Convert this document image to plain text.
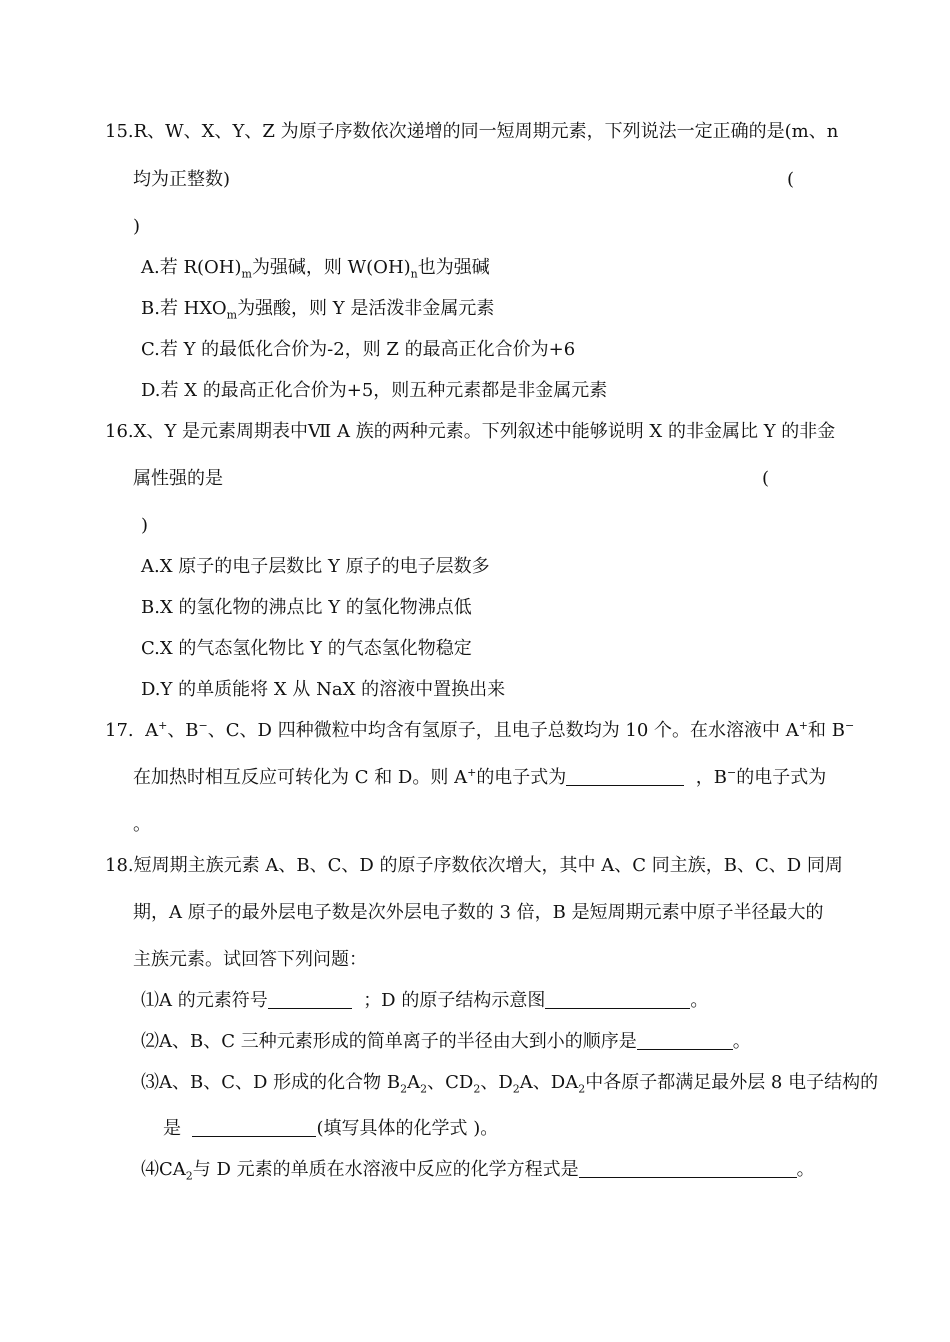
15.R、W、X、Y、Z 为原子序数依次递增的同一短周期元素，下列说法一定正确的是(m、n
均为正整数)	(
)
A.若 $R(OH)_m$为强碱，则 $W(OH)_n$也为强碱
B.若 $HXO_m$为强酸，则 Y 是活泼非金属元素
C.若 Y 的最低化合价为-2，则 Z 的最高正化合价为+6
D.若 X 的最高正化合价为+5，则五种元素都是非金属元素
16.X、Y 是元素周期表中Ⅶ A 族的两种元素。下列叙述中能够说明 X 的非金属比 Y 的非金
属性强的是	(
)
A.X 原子的电子层数比 Y 原子的电子层数多
B.X 的氢化物的沸点比 Y 的氢化物沸点低
C.X 的气态氢化物比 Y 的气态氢化物稳定
D.Y 的单质能将 X 从 NaX 的溶液中置换出来
17. A+、B−、C、D 四种微粒中均含有氢原子，且电子总数均为 10 个。在水溶液中 A+和 B−
在加热时相互反应可转化为 C 和 D。则 A+的电子式为	，B−的电子式为
。
18.短周期主族元素 A、B、C、D 的原子序数依次增大，其中 A、C 同主族，B、C、D 同周
期，A 原子的最外层电子数是次外层电子数的 3 倍，B 是短周期元素中原子半径最大的
主族元素。试回答下列问题：
⑴A 的元素符号	；D 的原子结构示意图	。
⑵A、B、C 三种元素形成的简单离子的半径由大到小的顺序是	。
⑶A、B、C、D 形成的化合物 $B_2A_2$、$CD_2$、$D_2A$、$DA_2$中各原子都满足最外层 8 电子结构的
是	(填写具体的化学式 )。
$⑷CA_2$与 D 元素的单质在水溶液中反应的化学方程式是	。
